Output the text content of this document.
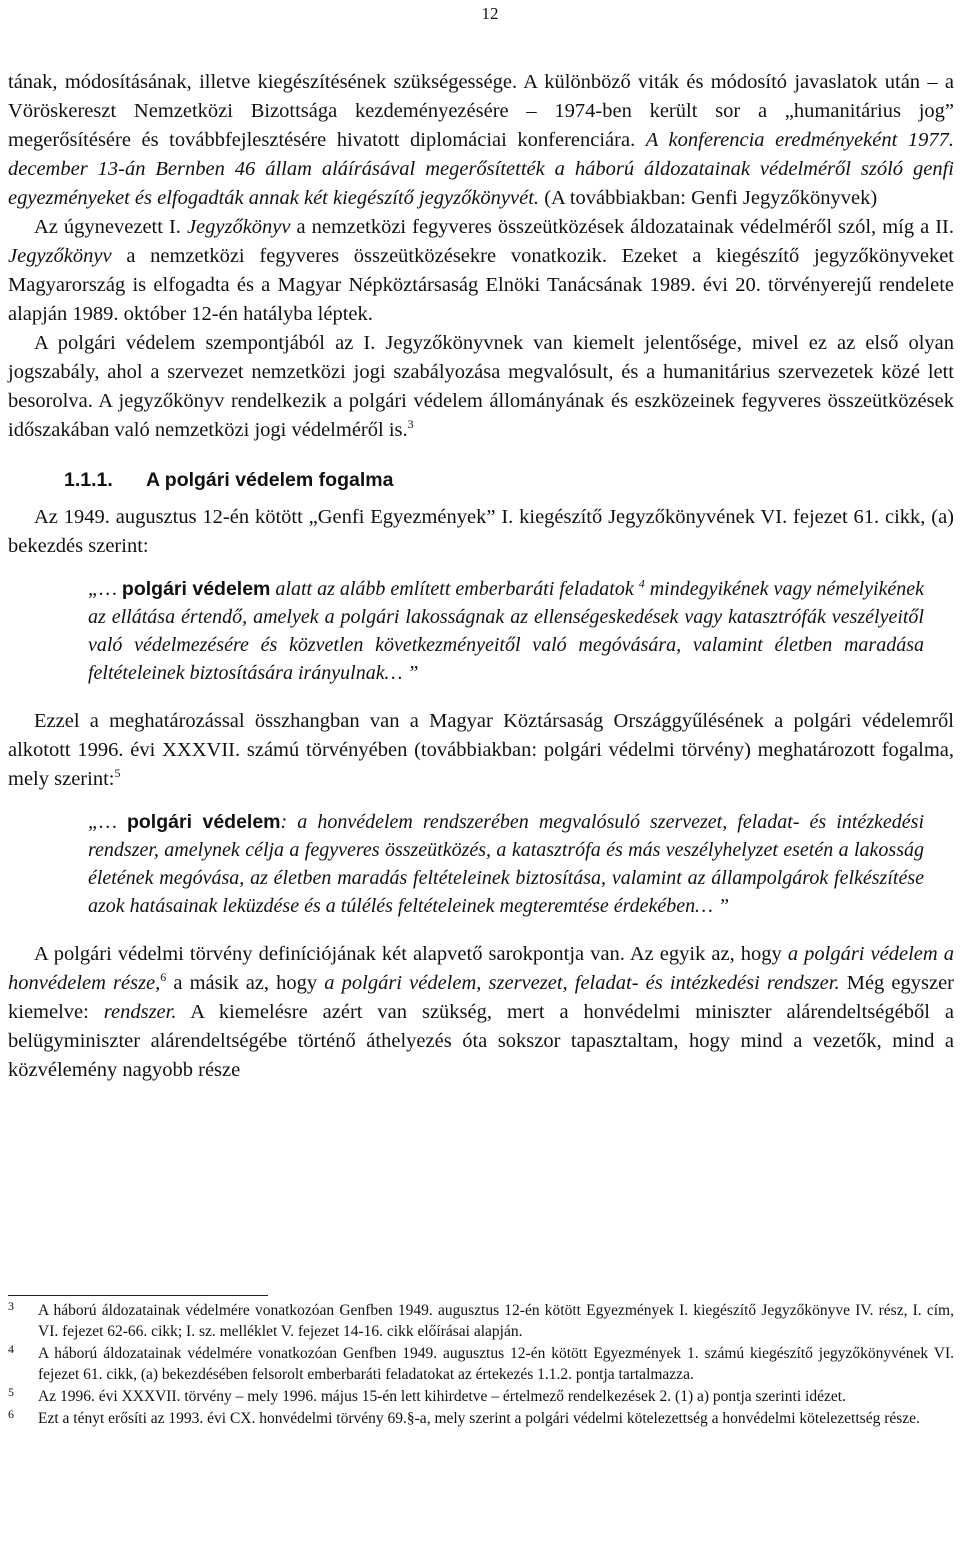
12

tának, módosításának, illetve kiegészítésének szükségessége. A különböző viták és módosító javaslatok után – a Vöröskereszt Nemzetközi Bizottsága kezdeményezésére – 1974-ben került sor a „humanitárius jog” megerősítésére és továbbfejlesztésére hivatott diplomáciai konferenciára. A konferencia eredményeként 1977. december 13-án Bernben 46 állam aláírásával megerősítették a háború áldozatainak védelméről szóló genfi egyezményeket és elfogadták annak két kiegészítő jegyzőkönyvét. (A továbbiakban: Genfi Jegyzőkönyvek)

Az úgynevezett I. Jegyzőkönyv a nemzetközi fegyveres összeütközések áldozatainak védelméről szól, míg a II. Jegyzőkönyv a nemzetközi fegyveres összeütközésekre vonatkozik. Ezeket a kiegészítő jegyzőkönyveket Magyarország is elfogadta és a Magyar Népköztársaság Elnöki Tanácsának 1989. évi 20. törvényerejű rendelete alapján 1989. október 12-én hatályba léptek.

A polgári védelem szempontjából az I. Jegyzőkönyvnek van kiemelt jelentősége, mivel ez az első olyan jogszabály, ahol a szervezet nemzetközi jogi szabályozása megvalósult, és a humanitárius szervezetek közé lett besorolva. A jegyzőkönyv rendelkezik a polgári védelem állományának és eszközeinek fegyveres összeütközések időszakában való nemzetközi jogi védelméről is.$^3$

1.1.1. A polgári védelem fogalma

Az 1949. augusztus 12-én kötött „Genfi Egyezmények” I. kiegészítő Jegyzőkönyvének VI. fejezet 61. cikk, (a) bekezdés szerint:

„… polgári védelem alatt az alább említett emberbaráti feladatok $^4$ mindegyikének vagy némelyikének az ellátása értendő, amelyek a polgári lakosságnak az ellenségeskedések vagy katasztrófák veszélyeitől való védelmezésére és közvetlen következményeitől való megóvására, valamint életben maradása feltételeinek biztosítására irányulnak… ”

Ezzel a meghatározással összhangban van a Magyar Köztársaság Országgyűlésének a polgári védelemről alkotott 1996. évi XXXVII. számú törvényében (továbbiakban: polgári védelmi törvény) meghatározott fogalma, mely szerint:$^5$

„… polgári védelem: a honvédelem rendszerében megvalósuló szervezet, feladat- és intézkedési rendszer, amelynek célja a fegyveres összeütközés, a katasztrófa és más veszélyhelyzet esetén a lakosság életének megóvása, az életben maradás feltételeinek biztosítása, valamint az állampolgárok felkészítése azok hatásainak leküzdése és a túlélés feltételeinek megteremtése érdekében… ”

A polgári védelmi törvény definíciójának két alapvető sarokpontja van. Az egyik az, hogy a polgári védelem a honvédelem része,$^6$ a másik az, hogy a polgári védelem, szervezet, feladat- és intézkedési rendszer. Még egyszer kiemelve: rendszer. A kiemelésre azért van szükség, mert a honvédelmi miniszter alárendeltségéből a belügyminiszter alárendeltségébe történő áthelyezés óta sokszor tapasztaltam, hogy mind a vezetők, mind a közvélemény nagyobb része

3 A háború áldozatainak védelmére vonatkozóan Genfben 1949. augusztus 12-én kötött Egyezmények I. kiegészítő Jegyzőkönyve IV. rész, I. cím, VI. fejezet 62-66. cikk; I. sz. melléklet V. fejezet 14-16. cikk előírásai alapján.
4 A háború áldozatainak védelmére vonatkozóan Genfben 1949. augusztus 12-én kötött Egyezmények 1. számú kiegészítő jegyzőkönyvének VI. fejezet 61. cikk, (a) bekezdésében felsorolt emberbaráti feladatokat az értekezés 1.1.2. pontja tartalmazza.
5 Az 1996. évi XXXVII. törvény – mely 1996. május 15-én lett kihirdetve – értelmező rendelkezések 2. (1) a) pontja szerinti idézet.
6 Ezt a tényt erősíti az 1993. évi CX. honvédelmi törvény 69.§-a, mely szerint a polgári védelmi kötelezettség a honvédelmi kötelezettség része.
